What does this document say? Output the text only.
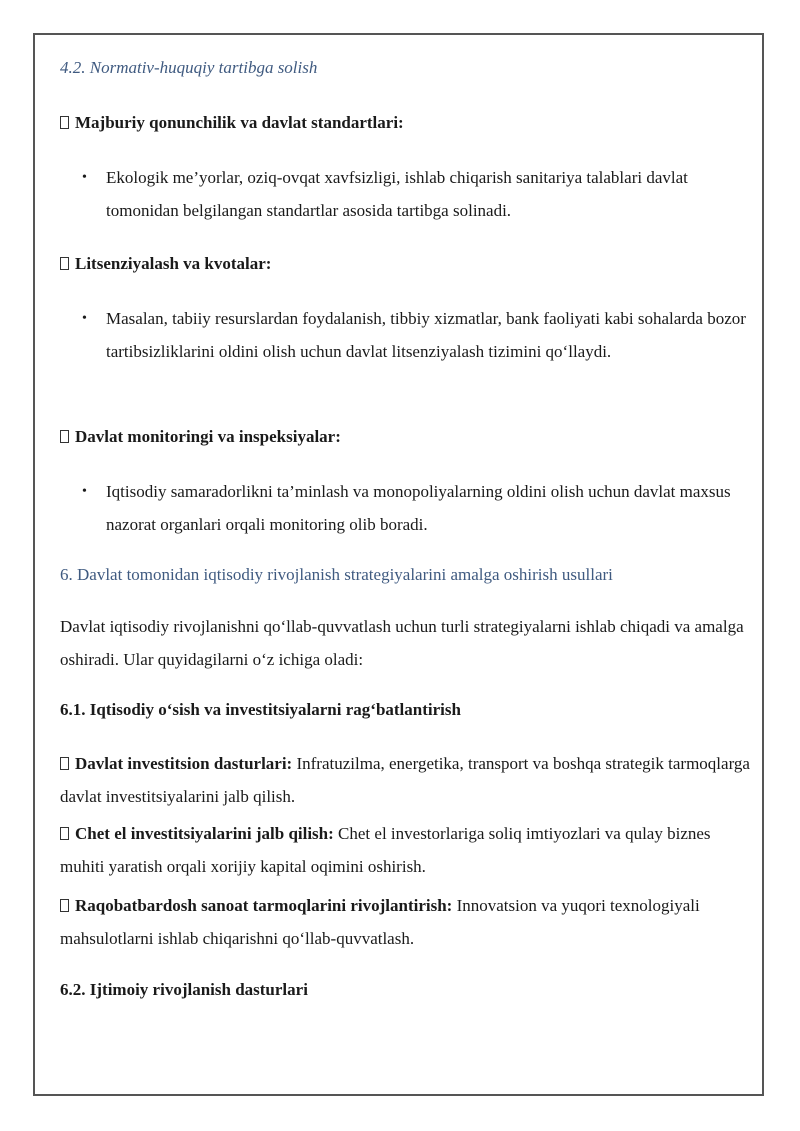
4.2. Normativ-huquqiy tartibga solish
Majburiy qonunchilik va davlat standartlari:
• Ekologik me’yorlar, oziq-ovqat xavfsizligi, ishlab chiqarish sanitariya talablari davlat tomonidan belgilangan standartlar asosida tartibga solinadi.
Litsenziyalash va kvotalar:
• Masalan, tabiiy resurslardan foydalanish, tibbiy xizmatlar, bank faoliyati kabi sohalarda bozor tartibsizliklarini oldini olish uchun davlat litsenziyalash tizimini qo‘llaydi.
Davlat monitoringi va inspeksiyalar:
• Iqtisodiy samaradorlikni ta’minlash va monopoliyalarning oldini olish uchun davlat maxsus nazorat organlari orqali monitoring olib boradi.
6. Davlat tomonidan iqtisodiy rivojlanish strategiyalarini amalga oshirish usullari
Davlat iqtisodiy rivojlanishni qo‘llab-quvvatlash uchun turli strategiyalarni ishlab chiqadi va amalga oshiradi. Ular quyidagilarni o‘z ichiga oladi:
6.1. Iqtisodiy o‘sish va investitsiyalarni rag‘batlantirish
Davlat investitsion dasturlari: Infratuzilma, energetika, transport va boshqa strategik tarmoqlarga davlat investitsiyalarini jalb qilish.
Chet el investitsiyalarini jalb qilish: Chet el investorlariga soliq imtiyozlari va qulay biznes muhiti yaratish orqali xorijiy kapital oqimini oshirish.
Raqobatbardosh sanoat tarmoqlarini rivojlantirish: Innovatsion va yuqori texnologiyali mahsulotlarni ishlab chiqarishni qo‘llab-quvvatlash.
6.2. Ijtimoiy rivojlanish dasturlari
